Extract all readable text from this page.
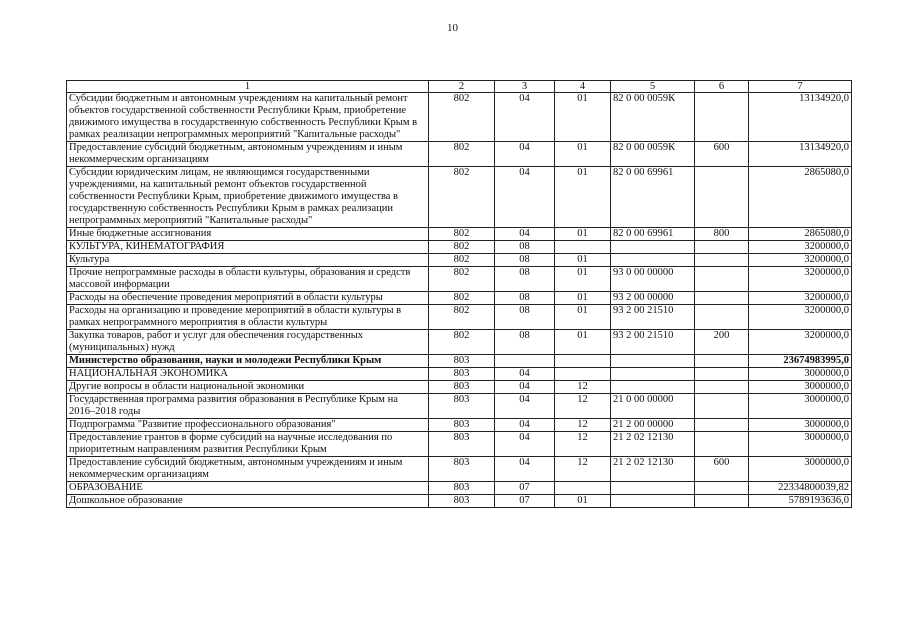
10
1	2	3	4	5	6	7
Субсидии бюджетным и автономным учреждениям на капитальный ремонт объектов государственной собственности Республики Крым, приобретение движимого имущества в государственную собственность Республики Крым в рамках реализации непрограммных мероприятий "Капитальные расходы"	802	04	01	82 0 00 0059К		13134920,0
Предоставление субсидий бюджетным, автономным учреждениям и иным некоммерческим организациям	802	04	01	82 0 00 0059К	600	13134920,0
Субсидии юридическим лицам, не являющимся государственными учреждениями, на капитальный ремонт объектов государственной собственности Республики Крым, приобретение движимого имущества в государственную собственность Республики Крым в рамках реализации непрограммных мероприятий "Капитальные расходы"	802	04	01	82 0 00 69961		2865080,0
Иные бюджетные ассигнования	802	04	01	82 0 00 69961	800	2865080,0
КУЛЬТУРА, КИНЕМАТОГРАФИЯ	802	08				3200000,0
Культура	802	08	01			3200000,0
Прочие непрограммные расходы в области культуры, образования и средств массовой информации	802	08	01	93 0 00 00000		3200000,0
Расходы на обеспечение проведения мероприятий в области культуры	802	08	01	93 2 00 00000		3200000,0
Расходы на организацию и проведение мероприятий в области культуры в рамках непрограммного мероприятия в области культуры	802	08	01	93 2 00 21510		3200000,0
Закупка товаров, работ и услуг для обеспечения государственных (муниципальных) нужд	802	08	01	93 2 00 21510	200	3200000,0
Министерство образования, науки и молодежи Республики Крым	803					23674983995,0
НАЦИОНАЛЬНАЯ ЭКОНОМИКА	803	04				3000000,0
Другие вопросы в области национальной экономики	803	04	12			3000000,0
Государственная программа развития образования в Республике Крым на 2016–2018 годы	803	04	12	21 0 00 00000		3000000,0
Подпрограмма "Развитие профессионального образования"	803	04	12	21 2 00 00000		3000000,0
Предоставление грантов в форме субсидий на научные исследования по приоритетным направлениям развития Республики Крым	803	04	12	21 2 02 12130		3000000,0
Предоставление субсидий бюджетным, автономным учреждениям и иным некоммерческим организациям	803	04	12	21 2 02 12130	600	3000000,0
ОБРАЗОВАНИЕ	803	07				22334800039,82
Дошкольное образование	803	07	01			5789193636,0
